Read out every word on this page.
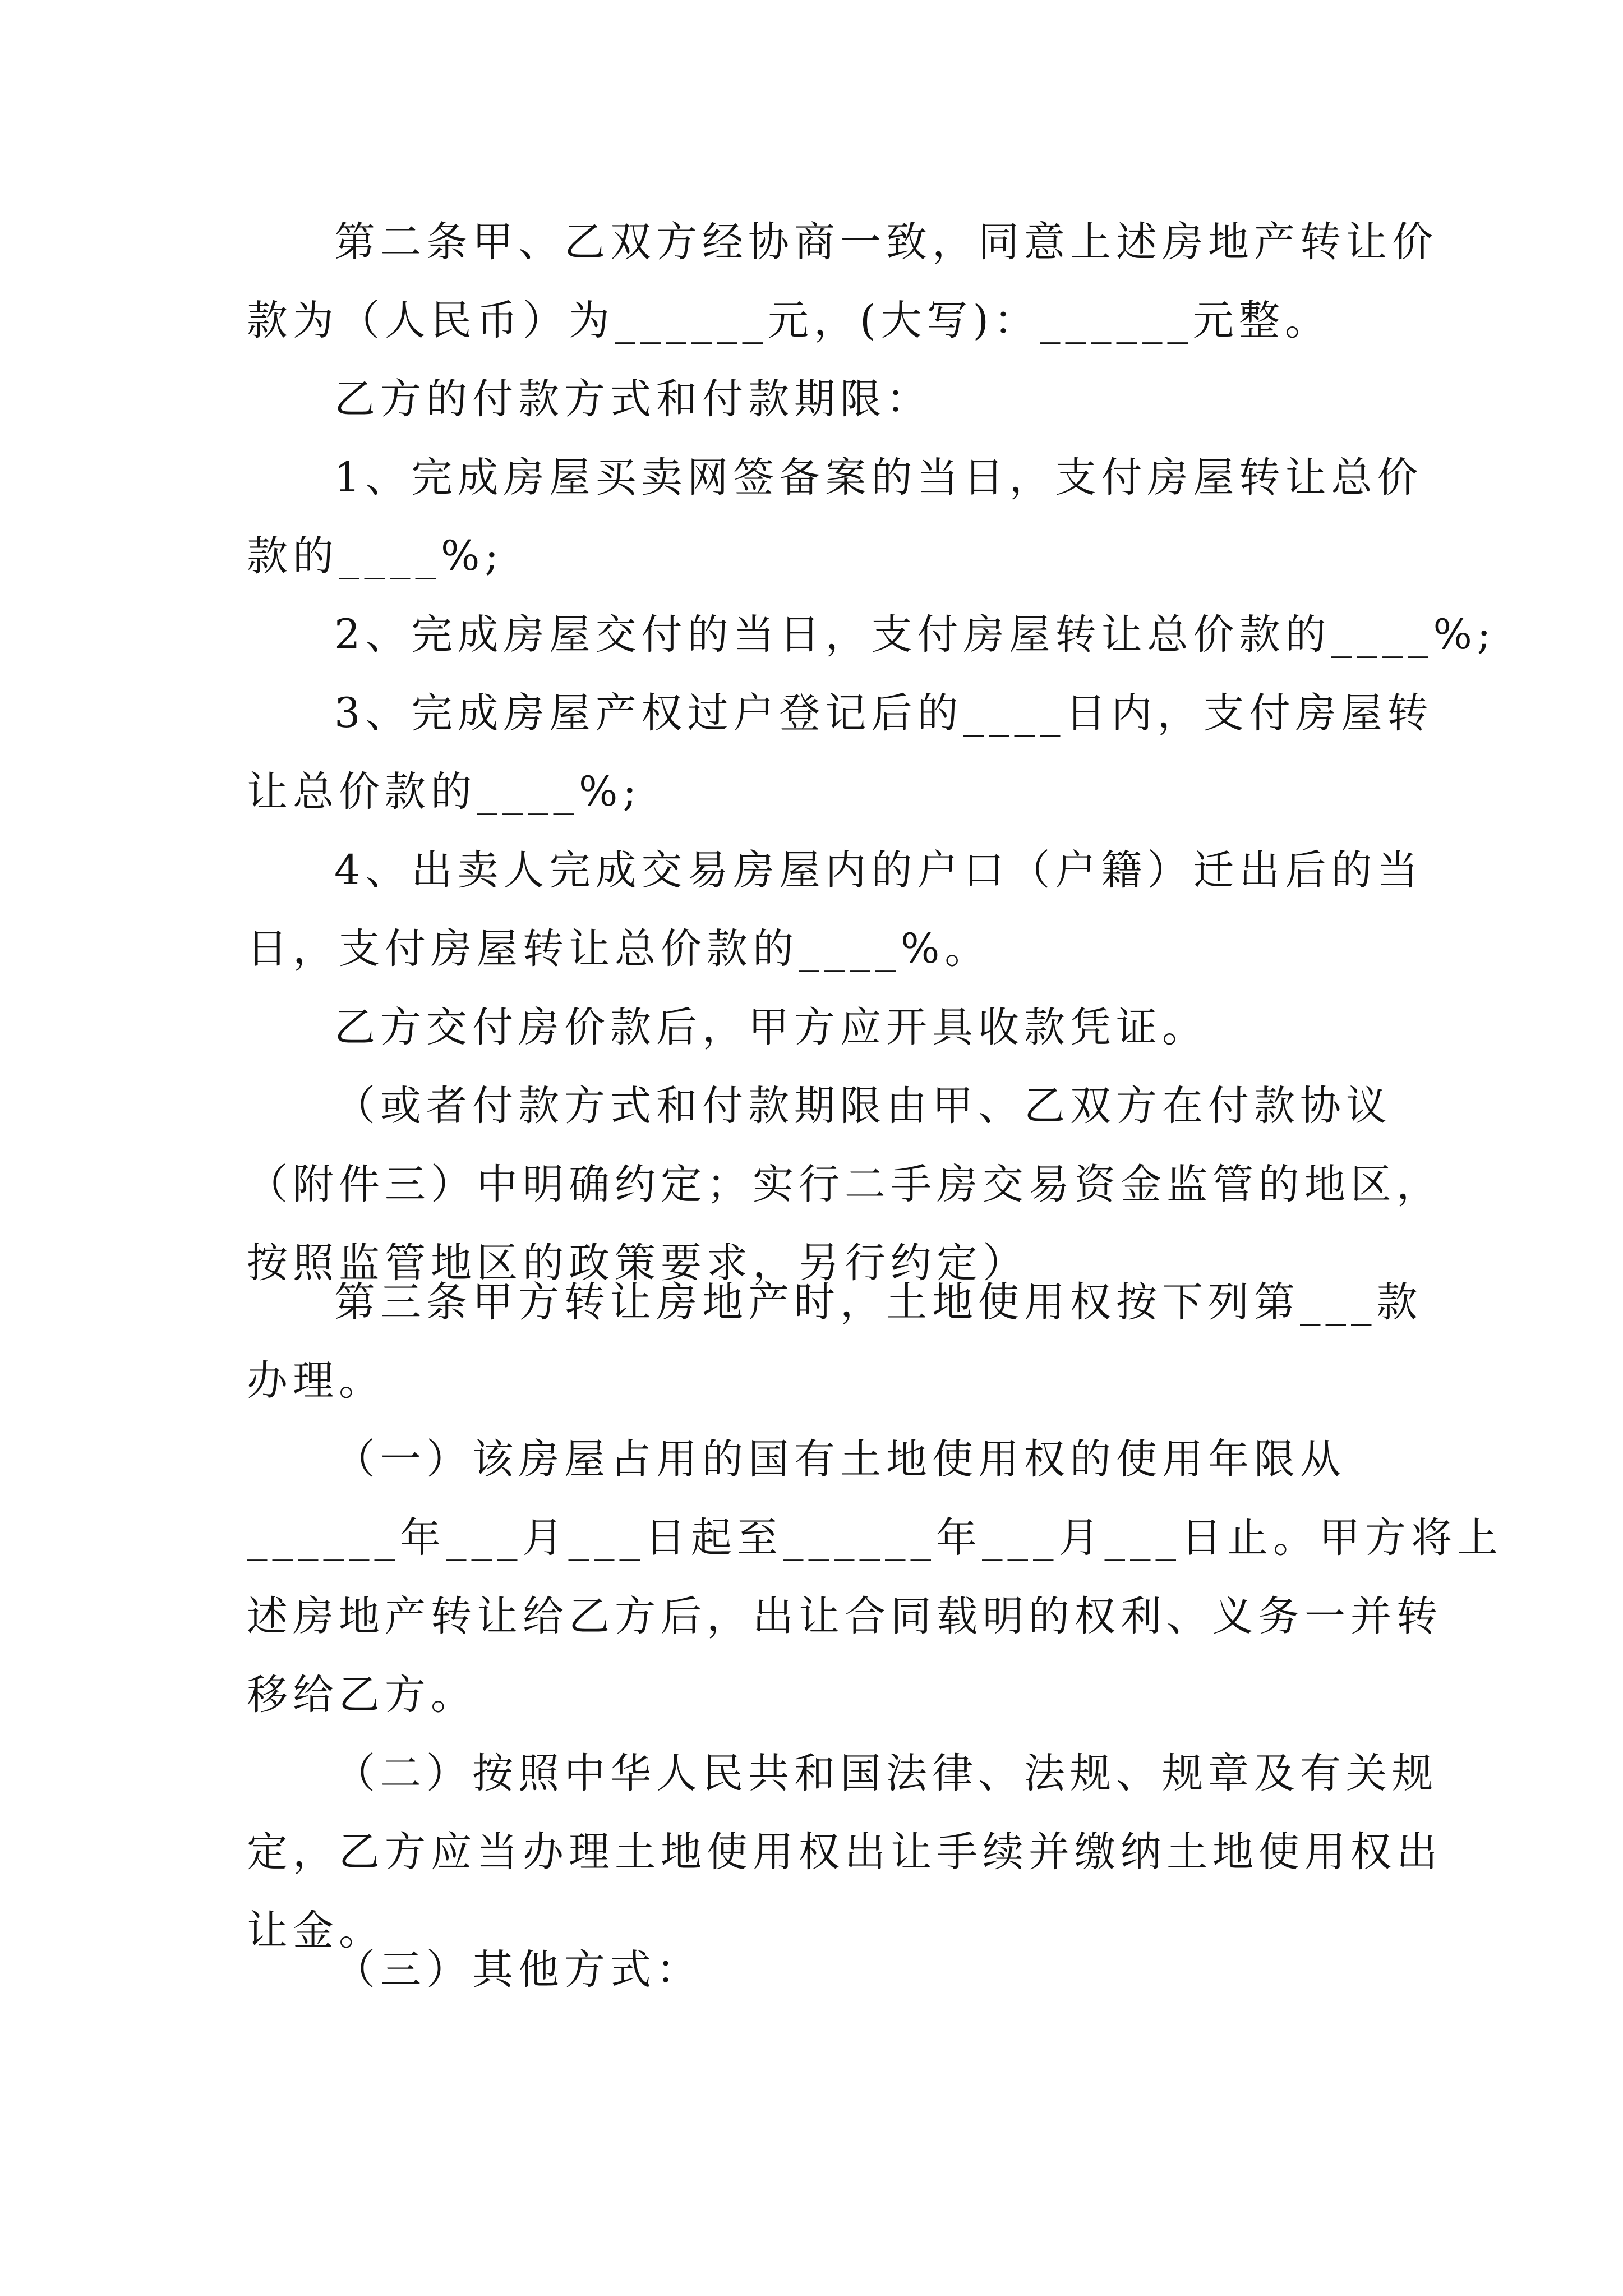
第二条甲、乙双方经协商一致，同意上述房地产转让价
款为（人民币）为______元，(大写)：______元整。
乙方的付款方式和付款期限：
1、完成房屋买卖网签备案的当日，支付房屋转让总价
款的____%;
2、完成房屋交付的当日，支付房屋转让总价款的____%;
3、完成房屋产权过户登记后的____日内，支付房屋转
让总价款的____%;
4、出卖人完成交易房屋内的户口（户籍）迁出后的当
日，支付房屋转让总价款的____%。
乙方交付房价款后，甲方应开具收款凭证。
（或者付款方式和付款期限由甲、乙双方在付款协议
（附件三）中明确约定；实行二手房交易资金监管的地区，
按照监管地区的政策要求，另行约定）
第三条甲方转让房地产时，土地使用权按下列第___款
办理。
（一）该房屋占用的国有土地使用权的使用年限从
______年___月___日起至______年___月___日止。甲方将上
述房地产转让给乙方后，出让合同载明的权利、义务一并转
移给乙方。
（二）按照中华人民共和国法律、法规、规章及有关规
定，乙方应当办理土地使用权出让手续并缴纳土地使用权出
让金。
（三）其他方式：
